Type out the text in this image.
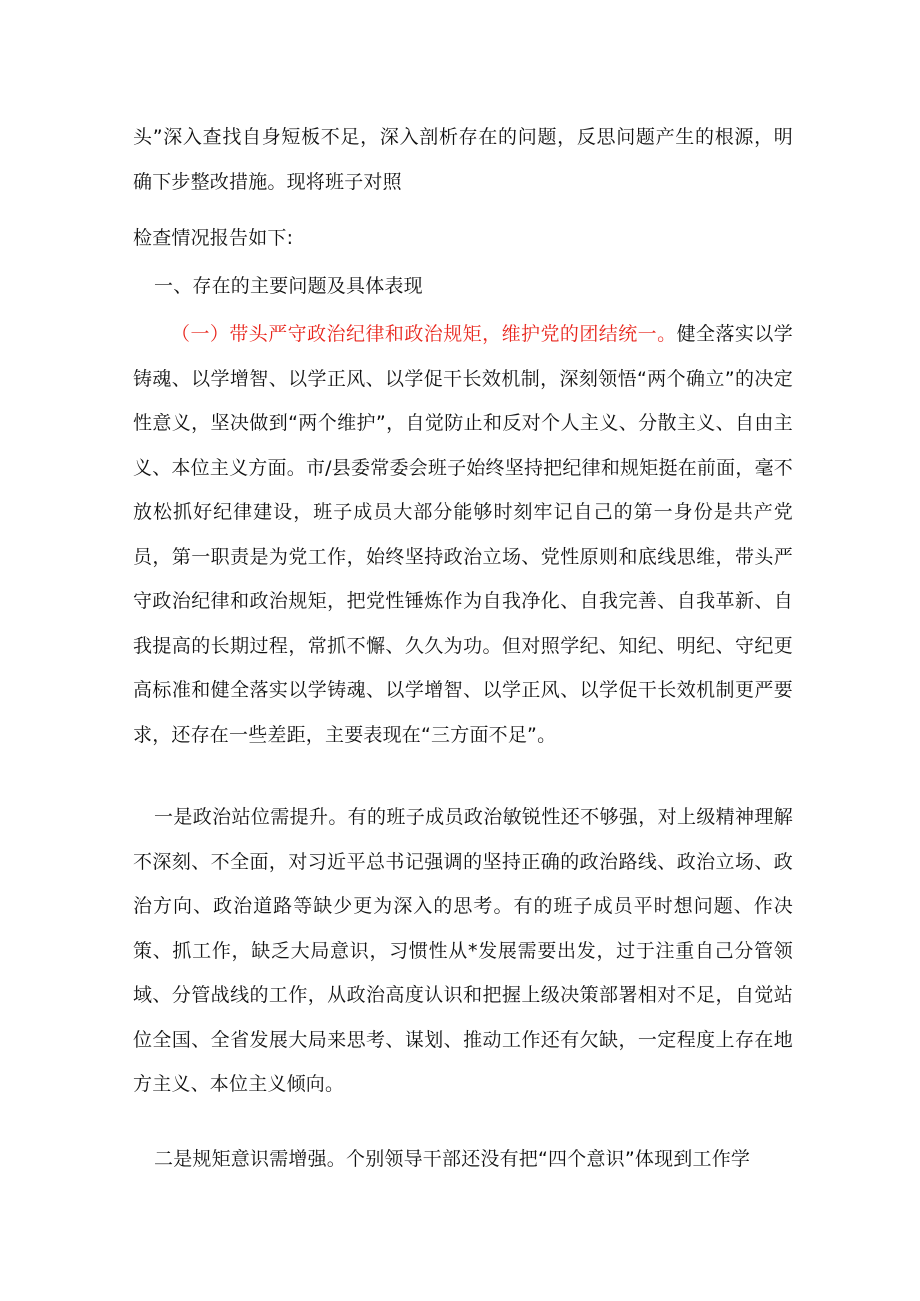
头”深入查找自身短板不足，深入剖析存在的问题，反思问题产生的根源，明确下步整改措施。现将班子对照

检查情况报告如下:

一、存在的主要问题及具体表现

（一）带头严守政治纪律和政治规矩，维护党的团结统一。健全落实以学铸魂、以学增智、以学正风、以学促干长效机制，深刻领悟“两个确立”的决定性意义，坚决做到“两个维护”，自觉防止和反对个人主义、分散主义、自由主义、本位主义方面。市/县委常委会班子始终坚持把纪律和规矩挺在前面，毫不放松抓好纪律建设，班子成员大部分能够时刻牢记自己的第一身份是共产党员，第一职责是为党工作，始终坚持政治立场、党性原则和底线思维，带头严守政治纪律和政治规矩，把党性锤炼作为自我净化、自我完善、自我革新、自我提高的长期过程，常抓不懈、久久为功。但对照学纪、知纪、明纪、守纪更高标准和健全落实以学铸魂、以学增智、以学正风、以学促干长效机制更严要求，还存在一些差距，主要表现在“三方面不足”。

一是政治站位需提升。有的班子成员政治敏锐性还不够强，对上级精神理解不深刻、不全面，对习近平总书记强调的坚持正确的政治路线、政治立场、政治方向、政治道路等缺少更为深入的思考。有的班子成员平时想问题、作决策、抓工作，缺乏大局意识，习惯性从*发展需要出发，过于注重自己分管领域、分管战线的工作，从政治高度认识和把握上级决策部署相对不足，自觉站位全国、全省发展大局来思考、谋划、推动工作还有欠缺，一定程度上存在地方主义、本位主义倾向。

二是规矩意识需增强。个别领导干部还没有把“四个意识”体现到工作学
